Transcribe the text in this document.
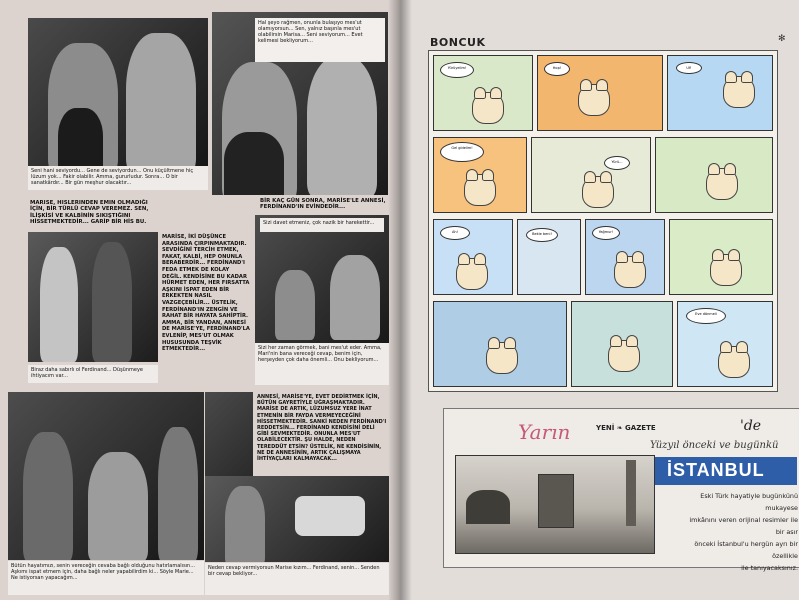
Seni hani seviyordu... Gene de seviyordun... Onu küçültmene hiç lüzum yok... Fakir olabilir. Amma, gururludur. Sonra... O bir sanatkârdır... Bir gün meşhur olacaktır...
Hal şeyo rağmen, onunla bulaşıyo mes'ut olamıyorsun... Sen, yalnız başınla mes'ut olabilirsin Marisa... Seni seviyorum... Evet kelimesi bekliyorum...
MARISE, HISLERINDEN EMIN OLMADIĞI İÇİN, BİR TÜRLÜ CEVAP VEREMEZ. SEN, İLİŞKİSİ VE KALBİNİN SIKIŞTIĞINI HİSSETMEKTEDİR... GARİP BİR HİS BU.
Biraz daha sabırlı ol Ferdinand... Düşünmeye ihtiyacım var...
MARİSE, İKİ DÜŞÜNCE ARASINDA ÇIRPINMAKTADIR. SEVDİĞİNİ TERCİH ETMEK, FAKAT, KALBİ, HEP ONUNLA BERABERDİR... FERDİNAND'I FEDA ETMEK DE KOLAY DEĞİL. KENDİSİNE BU KADAR HÜRMET EDEN, HER FIRSATTA AŞKINI İSPAT EDEN BİR ERKEKTEN NASIL VAZGEÇEBİLİR... ÜSTELİK, FERDİNAND'IN ZENGİN VE RAHAT BİR HAYATA SAHİPTİR. AMMA, BİR YANDAN, ANNESİ DE MARİSE'YE, FERDİNAND'LA EVLENİP, MES'UT OLMAK HUSUSUNDA TEŞVİK ETMEKTEDİR...
BİR KAÇ GÜN SONRA, MARİSE'LE ANNESİ, FERDİNAND'IN EVİNDEDİR...
Sizi davet etmeniz, çok nazik bir harekettir...
Sizi her zaman görmek, bani mes'ut eder. Amma, Mari'nin bana vereceği cevap, benim için, herşeyden çok daha önemli... Onu bekliyorum...
Bütün hayatımızı, senin vereceğin cevaba bağlı olduğunu hatırlamalısın... Aşkımı ispat etmem için, daha bağlı neler yapabilirdim ki... Söyle Marie... Ne istiyorsan yapacağım...
ANNESİ, MARİSE'YE, EVET DEDİRTMEK İÇİN, BÜTÜN GAYRETİYLE UĞRAŞMAKTADIR. MARİSE DE ARTIK, LÜZUMSUZ YERE İNAT ETMENİN BİR FAYDA VERMEYECEĞİNİ HİSSETMEKTEDİR. SANKİ NEDEN FERDİNAND'I REDDETSİN... FERDİNAND KENDİSİNİ DELİ GİBİ SEVMEKTEDİR. ONUNLA MES'UT OLABİLECEKTİR. ŞU HALDE, NEDEN TEREDDÜT ETSİN? ÜSTELİK, NE KENDİSİNİN, NE DE ANNESİNİN, ARTIK ÇALIŞMAYA İHTİYAÇLARI KALMAYACAK...
Neden cevap vermiyorsun Marise kızım... Ferdinand, senin... Senden bir cevap bekliyor...
BONCUK	✻
Yürüyelim!	Hop!	Uf!
Gel gidelim!
Yürü...
Ah!	Bekle beni!	Yağmur!
Eve dönmeli
Yarın	YENİ ❧ GAZETE	'de
Yüzyıl önceki ve bugünkü
İSTANBUL
Eski Türk hayatiyle bugünkünü mukayese
imkânını veren orijinal resimler ile bir asır
önceki İstanbul'u hergün ayrı bir özellikle
ile tanıyacaksınız.
